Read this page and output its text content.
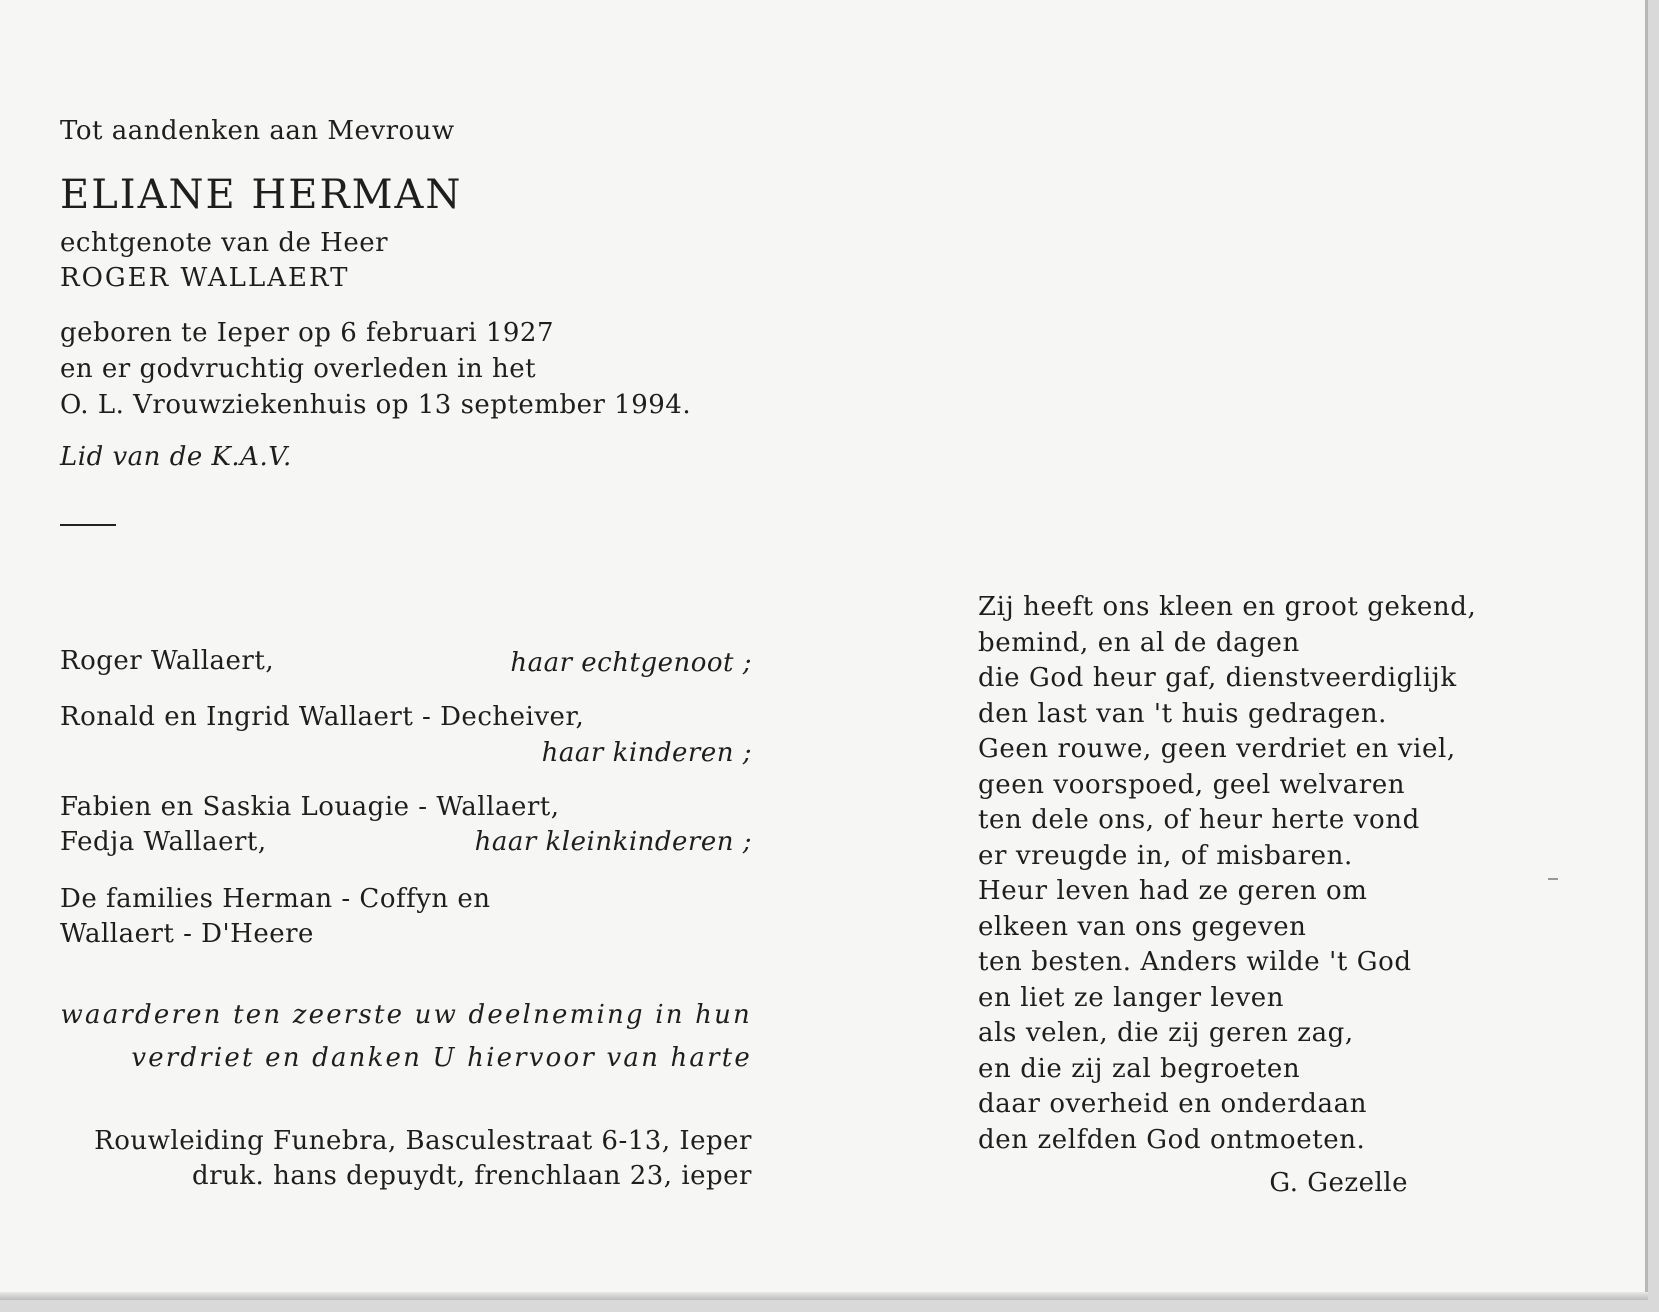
Tot aandenken aan Mevrouw
ELIANE HERMAN
echtgenote van de Heer
ROGER WALLAERT
geboren te Ieper op 6 februari 1927
en er godvruchtig overleden in het
O. L. Vrouwziekenhuis op 13 september 1994.
Lid van de K.A.V.
Roger Wallaert,	haar echtgenoot ;
Ronald en Ingrid Wallaert - Decheiver,
haar kinderen ;
Fabien en Saskia Louagie - Wallaert,
Fedja Wallaert,	haar kleinkinderen ;
De families Herman - Coffyn en
Wallaert - D'Heere
waarderen ten zeerste uw deelneming in hun
verdriet en danken U hiervoor van harte
Rouwleiding Funebra, Basculestraat 6-13, Ieper
druk. hans depuydt, frenchlaan 23, ieper
Zij heeft ons kleen en groot gekend,
bemind, en al de dagen
die God heur gaf, dienstveerdiglijk
den last van 't huis gedragen.
Geen rouwe, geen verdriet en viel,
geen voorspoed, geel welvaren
ten dele ons, of heur herte vond
er vreugde in, of misbaren.
Heur leven had ze geren om
elkeen van ons gegeven
ten besten. Anders wilde 't God
en liet ze langer leven
als velen, die zij geren zag,
en die zij zal begroeten
daar overheid en onderdaan
den zelfden God ontmoeten.
G. Gezelle
